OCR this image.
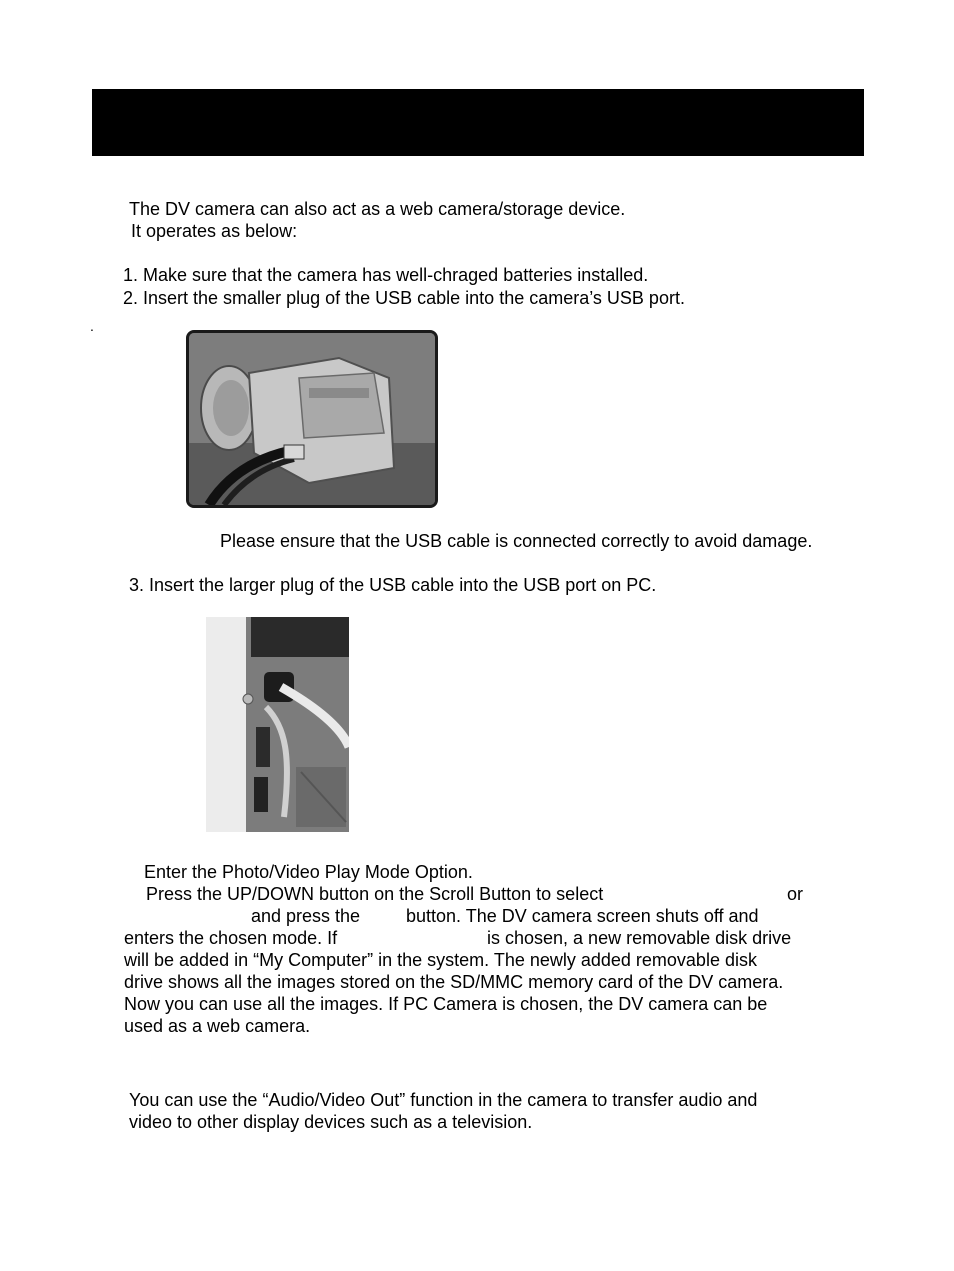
The DV camera can also act as a web camera/storage device.
It operates as below:
1. Make sure that the camera has well-chraged batteries installed.
2. Insert the smaller plug of the USB cable into the camera’s USB port.
.
Please ensure that the USB cable is connected correctly to avoid damage.
3. Insert the larger plug of the USB cable into the USB port on PC.
Enter the Photo/Video Play Mode Option.
Press the UP/DOWN button on the Scroll Button to select	or
and press the	button. The DV camera screen shuts off and
enters the chosen mode. If	is chosen, a new removable disk drive
will be added in “My Computer” in the system. The newly added removable disk
drive shows all the images stored on the SD/MMC memory card of the DV camera.
Now you can use all the images. If PC Camera is chosen, the DV camera can be
used as a web camera.
You can use the “Audio/Video Out” function in the camera to transfer audio and
video to other display devices such as a television.
